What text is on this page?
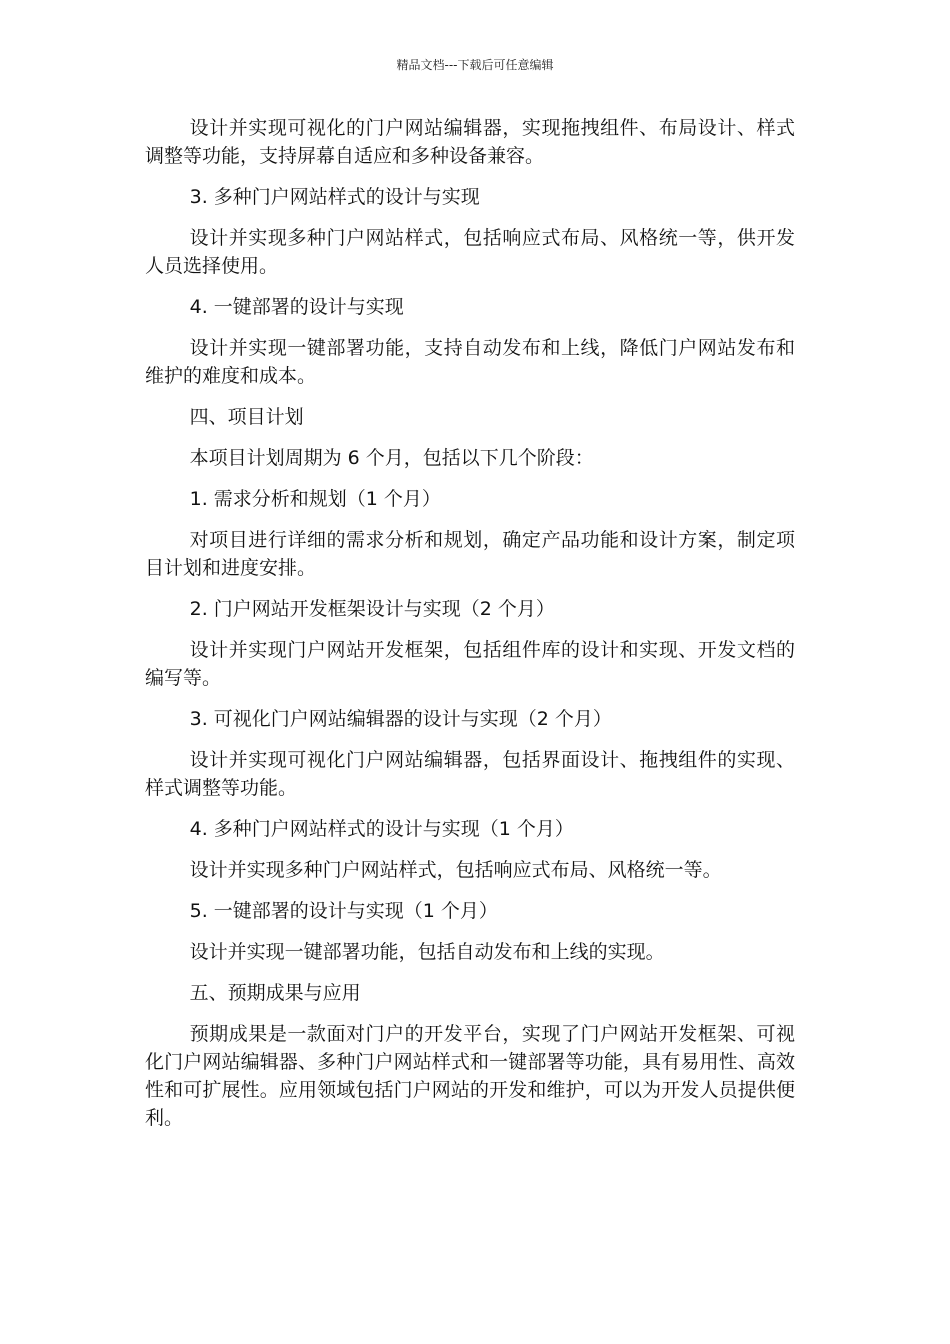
精品文档---下载后可任意编辑

设计并实现可视化的门户网站编辑器，实现拖拽组件、布局设计、样式调整等功能，支持屏幕自适应和多种设备兼容。

3. 多种门户网站样式的设计与实现

设计并实现多种门户网站样式，包括响应式布局、风格统一等，供开发人员选择使用。

4. 一键部署的设计与实现

设计并实现一键部署功能，支持自动发布和上线，降低门户网站发布和维护的难度和成本。

四、项目计划

本项目计划周期为 6 个月，包括以下几个阶段：

1. 需求分析和规划（1 个月）

对项目进行详细的需求分析和规划，确定产品功能和设计方案，制定项目计划和进度安排。

2. 门户网站开发框架设计与实现（2 个月）

设计并实现门户网站开发框架，包括组件库的设计和实现、开发文档的编写等。

3. 可视化门户网站编辑器的设计与实现（2 个月）

设计并实现可视化门户网站编辑器，包括界面设计、拖拽组件的实现、样式调整等功能。

4. 多种门户网站样式的设计与实现（1 个月）

设计并实现多种门户网站样式，包括响应式布局、风格统一等。

5. 一键部署的设计与实现（1 个月）

设计并实现一键部署功能，包括自动发布和上线的实现。

五、预期成果与应用

预期成果是一款面对门户的开发平台，实现了门户网站开发框架、可视化门户网站编辑器、多种门户网站样式和一键部署等功能，具有易用性、高效性和可扩展性。应用领域包括门户网站的开发和维护，可以为开发人员提供便利。
